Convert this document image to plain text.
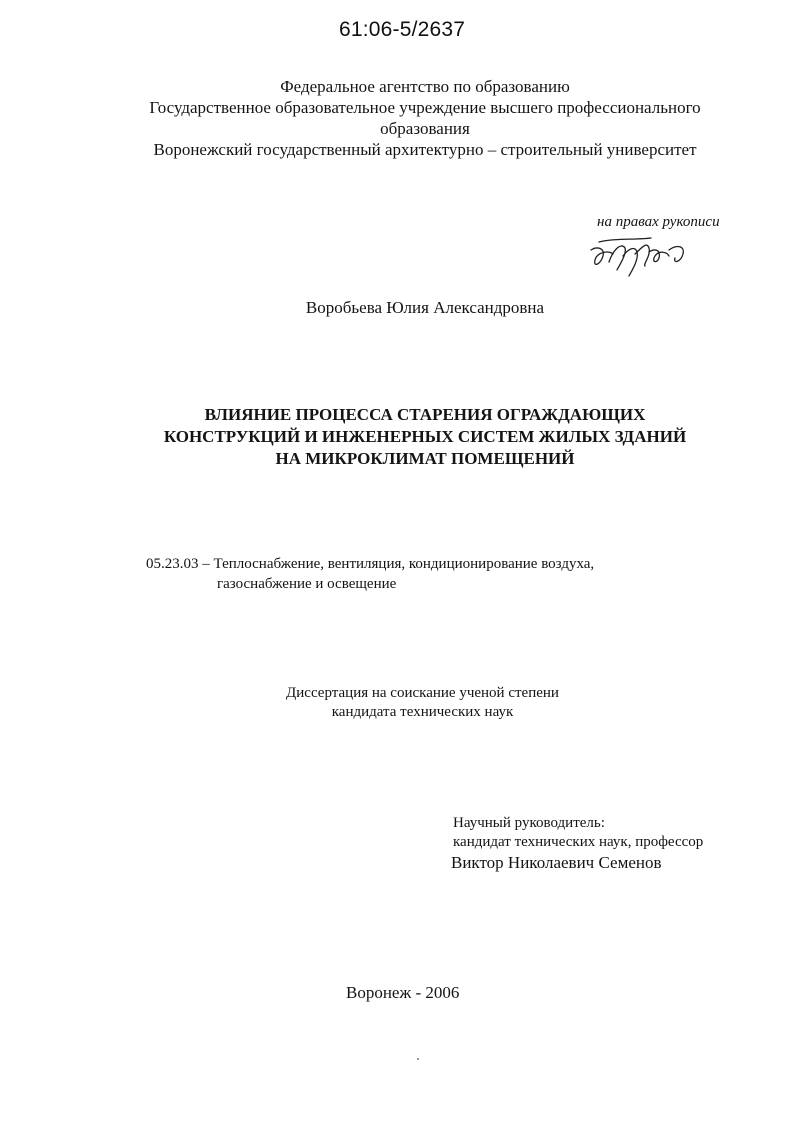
61:06-5/2637
Федеральное агентство по образованию
Государственное образовательное учреждение высшего профессионального
образования
Воронежский государственный архитектурно – строительный университет
на правах рукописи
Воробьева Юлия Александровна
ВЛИЯНИЕ ПРОЦЕССА СТАРЕНИЯ ОГРАЖДАЮЩИХ
КОНСТРУКЦИЙ И ИНЖЕНЕРНЫХ СИСТЕМ ЖИЛЫХ ЗДАНИЙ
НА МИКРОКЛИМАТ ПОМЕЩЕНИЙ
05.23.03 – Теплоснабжение, вентиляция, кондиционирование воздуха,
газоснабжение и освещение
Диссертация на соискание ученой степени
кандидата технических наук
Научный руководитель:
кандидат технических наук, профессор
Виктор Николаевич Семенов
Воронеж - 2006
